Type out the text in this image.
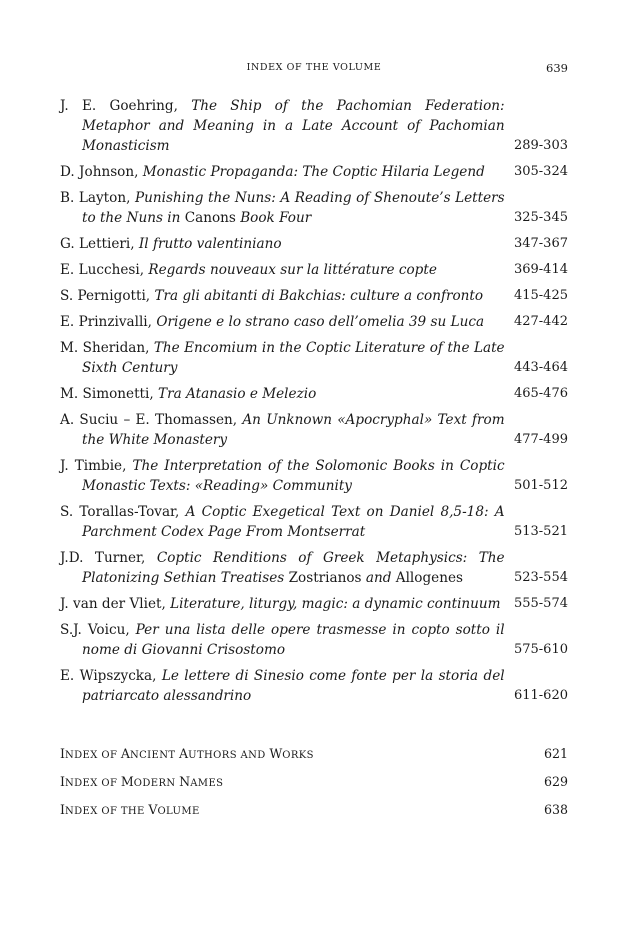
INDEX OF THE VOLUME	639
J. E. Goehring, The Ship of the Pachomian Federation: Metaphor and Meaning in a Late Account of Pachomian Monasticism	289-303
D. Johnson, Monastic Propaganda: The Coptic Hilaria Legend	305-324
B. Layton, Punishing the Nuns: A Reading of Shenoute’s Letters to the Nuns in Canons Book Four	325-345
G. Lettieri, Il frutto valentiniano	347-367
E. Lucchesi, Regards nouveaux sur la littérature copte	369-414
S. Pernigotti, Tra gli abitanti di Bakchias: culture a confronto	415-425
E. Prinzivalli, Origene e lo strano caso dell’omelia 39 su Luca	427-442
M. Sheridan, The Encomium in the Coptic Literature of the Late Sixth Century	443-464
M. Simonetti, Tra Atanasio e Melezio	465-476
A. Suciu – E. Thomassen, An Unknown «Apocryphal» Text from the White Monastery	477-499
J. Timbie, The Interpretation of the Solomonic Books in Coptic Monastic Texts: «Reading» Community	501-512
S. Torallas-Tovar, A Coptic Exegetical Text on Daniel 8,5-18: A Parchment Codex Page From Montserrat	513-521
J.D. Turner, Coptic Renditions of Greek Metaphysics: The Platonizing Sethian Treatises Zostrianos and Allogenes	523-554
J. van der Vliet, Literature, liturgy, magic: a dynamic continuum	555-574
S.J. Voicu, Per una lista delle opere trasmesse in copto sotto il nome di Giovanni Crisostomo	575-610
E. Wipszycka, Le lettere di Sinesio come fonte per la storia del patriarcato alessandrino	611-620
INDEX OF ANCIENT AUTHORS AND WORKS	621
INDEX OF MODERN NAMES	629
INDEX OF THE VOLUME	638
